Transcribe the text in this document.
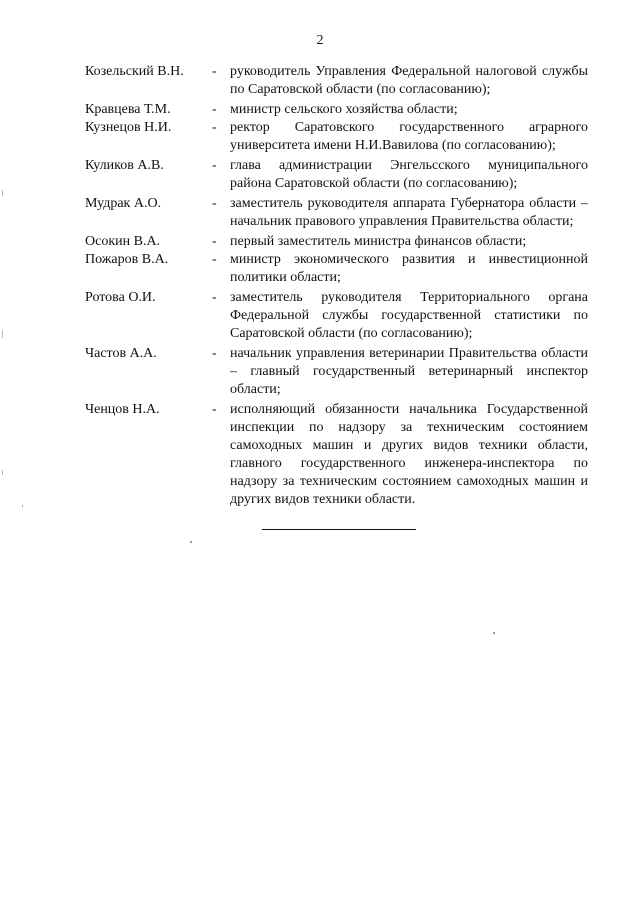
2
Козельский В.Н.	- руководитель Управления Федеральной налоговой службы по Саратовской области (по согласованию);
Кравцева Т.М.	- министр сельского хозяйства области;
Кузнецов Н.И.	- ректор Саратовского государственного аграрного университета имени Н.И.Вавилова (по согласованию);
Куликов А.В.	- глава администрации Энгельсского муниципального района Саратовской области (по согласованию);
Мудрак А.О.	- заместитель руководителя аппарата Губернатора области – начальник правового управления Правительства области;
Осокин В.А.	- первый заместитель министра финансов области;
Пожаров В.А.	- министр экономического развития и инвестиционной политики области;
Ротова О.И.	- заместитель руководителя Территориального органа Федеральной службы государственной статистики по Саратовской области (по согласованию);
Частов А.А.	- начальник управления ветеринарии Правительства области – главный государственный ветеринарный инспектор области;
Ченцов Н.А.	- исполняющий обязанности начальника Государственной инспекции по надзору за техническим состоянием самоходных машин и других видов техники области, главного государственного инженера-инспектора по надзору за техническим состоянием самоходных машин и других видов техники области.
